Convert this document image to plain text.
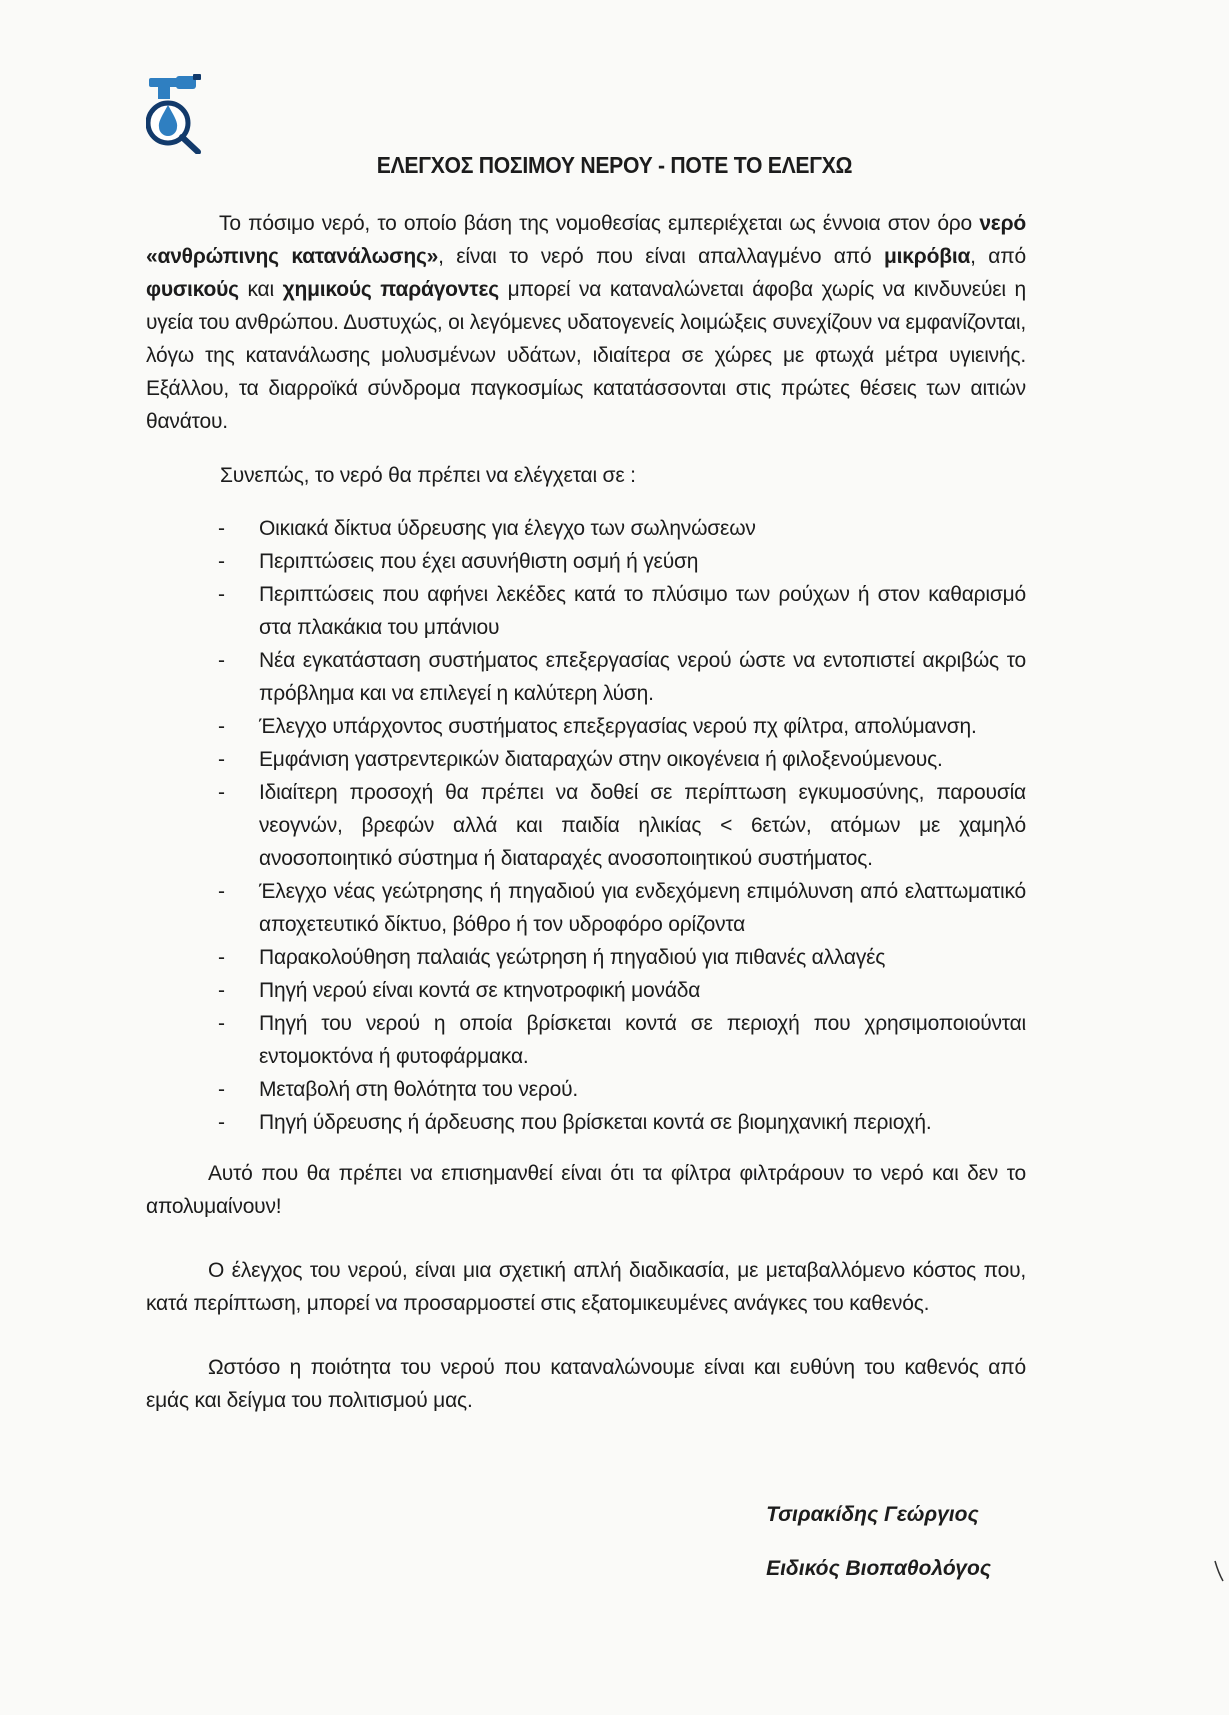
ΕΛΕΓΧΟΣ ΠΟΣΙΜΟΥ ΝΕΡΟΥ - ΠΟΤΕ ΤΟ ΕΛΕΓΧΩ

Το πόσιμο νερό, το οποίο βάση της νομοθεσίας εμπεριέχεται ως έννοια στον όρο νερό «ανθρώπινης κατανάλωσης», είναι το νερό που είναι απαλλαγμένο από μικρόβια, από φυσικούς και χημικούς παράγοντες μπορεί να καταναλώνεται άφοβα χωρίς να κινδυνεύει η υγεία του ανθρώπου. Δυστυχώς, οι λεγόμενες υδατογενείς λοιμώξεις συνεχίζουν να εμφανίζονται, λόγω της κατανάλωσης μολυσμένων υδάτων, ιδιαίτερα σε χώρες με φτωχά μέτρα υγιεινής. Εξάλλου, τα διαρροϊκά σύνδρομα παγκοσμίως κατατάσσονται στις πρώτες θέσεις των αιτιών θανάτου.

Συνεπώς, το νερό θα πρέπει να ελέγχεται σε :

- Οικιακά δίκτυα ύδρευσης για έλεγχο των σωληνώσεων
- Περιπτώσεις που έχει ασυνήθιστη οσμή ή γεύση
- Περιπτώσεις που αφήνει λεκέδες κατά το πλύσιμο των ρούχων ή στον καθαρισμό στα πλακάκια του μπάνιου
- Νέα εγκατάσταση συστήματος επεξεργασίας νερού ώστε να εντοπιστεί ακριβώς το πρόβλημα και να επιλεγεί η καλύτερη λύση.
- Έλεγχο υπάρχοντος συστήματος επεξεργασίας νερού πχ φίλτρα, απολύμανση.
- Εμφάνιση γαστρεντερικών διαταραχών στην οικογένεια ή φιλοξενούμενους.
- Ιδιαίτερη προσοχή θα πρέπει να δοθεί σε περίπτωση εγκυμοσύνης, παρουσία νεογνών, βρεφών αλλά και παιδία ηλικίας < 6ετών, ατόμων με χαμηλό ανοσοποιητικό σύστημα ή διαταραχές ανοσοποιητικού συστήματος.
- Έλεγχο νέας γεώτρησης ή πηγαδιού για ενδεχόμενη επιμόλυνση από ελαττωματικό αποχετευτικό δίκτυο, βόθρο ή τον υδροφόρο ορίζοντα
- Παρακολούθηση παλαιάς γεώτρηση ή πηγαδιού για πιθανές αλλαγές
- Πηγή νερού είναι κοντά σε κτηνοτροφική μονάδα
- Πηγή του νερού η οποία βρίσκεται κοντά σε περιοχή που χρησιμοποιούνται εντομοκτόνα ή φυτοφάρμακα.
- Μεταβολή στη θολότητα του νερού.
- Πηγή ύδρευσης ή άρδευσης που βρίσκεται κοντά σε βιομηχανική περιοχή.

Αυτό που θα πρέπει να επισημανθεί είναι ότι τα φίλτρα φιλτράρουν το νερό και δεν το απολυμαίνουν!

Ο έλεγχος του νερού, είναι μια σχετική απλή διαδικασία, με μεταβαλλόμενο κόστος που, κατά περίπτωση, μπορεί να προσαρμοστεί στις εξατομικευμένες ανάγκες του καθενός.

Ωστόσο η ποιότητα του νερού που καταναλώνουμε είναι και ευθύνη του καθενός από εμάς και δείγμα του πολιτισμού μας.

Τσιρακίδης Γεώργιος
Ειδικός Βιοπαθολόγος
